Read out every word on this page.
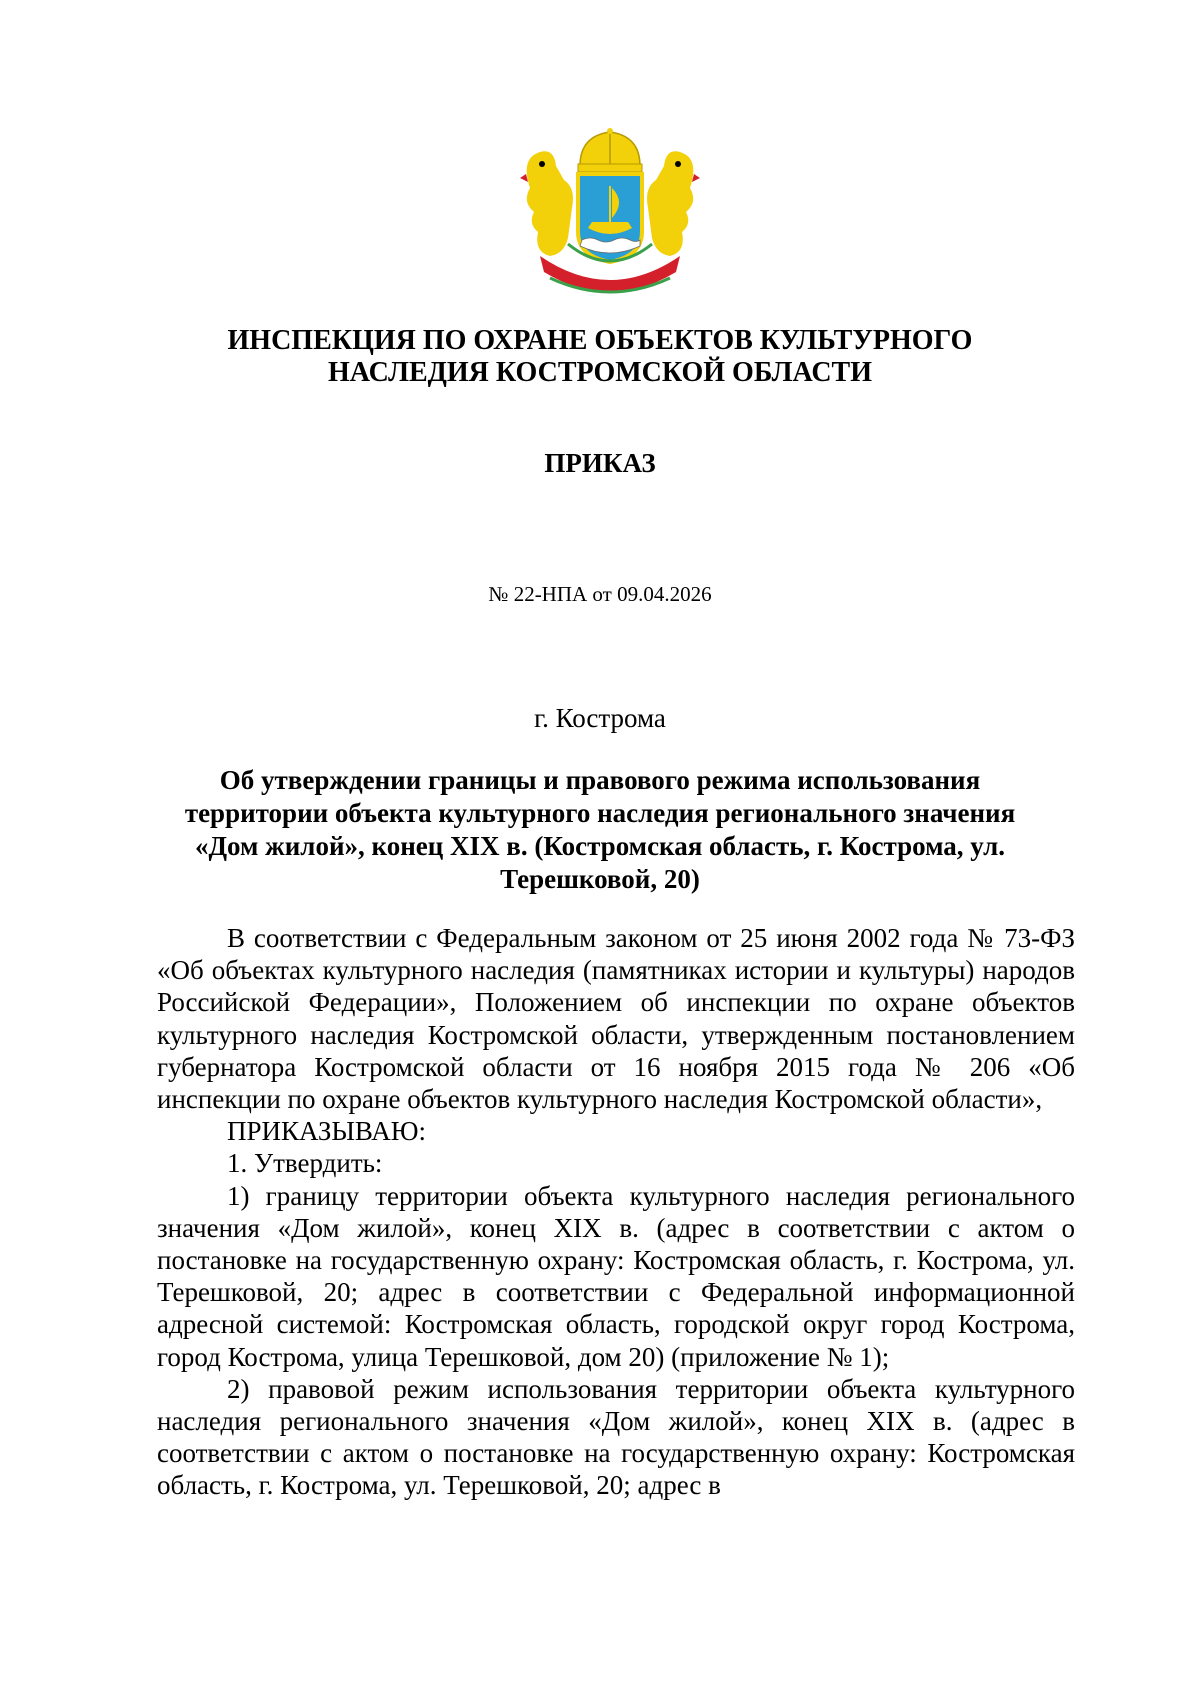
ИНСПЕКЦИЯ ПО ОХРАНЕ ОБЪЕКТОВ КУЛЬТУРНОГО
НАСЛЕДИЯ КОСТРОМСКОЙ ОБЛАСТИ
ПРИКАЗ
№ 22-НПА от 09.04.2026
г. Кострома
Об утверждении границы и правового режима использования
территории объекта культурного наследия регионального значения
«Дом жилой», конец XIX в. (Костромская область, г. Кострома, ул.
Терешковой, 20)

В соответствии с Федеральным законом от 25 июня 2002 года № 73-ФЗ «Об объектах культурного наследия (памятниках истории и культуры) народов Российской Федерации», Положением об инспекции по охране объектов культурного наследия Костромской области, утвержденным постановлением губернатора Костромской области от 16 ноября 2015 года № 206 «Об инспекции по охране объектов культурного наследия Костромской области»,

ПРИКАЗЫВАЮ:

1. Утвердить:

1) границу территории объекта культурного наследия регионального значения «Дом жилой», конец XIX в. (адрес в соответствии с актом о постановке на государственную охрану: Костромская область, г. Кострома, ул. Терешковой, 20; адрес в соответствии с Федеральной информационной адресной системой: Костромская область, городской округ город Кострома, город Кострома, улица Терешковой, дом 20) (приложение № 1);

2) правовой режим использования территории объекта культурного наследия регионального значения «Дом жилой», конец XIX в. (адрес в соответствии с актом о постановке на государственную охрану: Костромская область, г. Кострома, ул. Терешковой, 20; адрес в
